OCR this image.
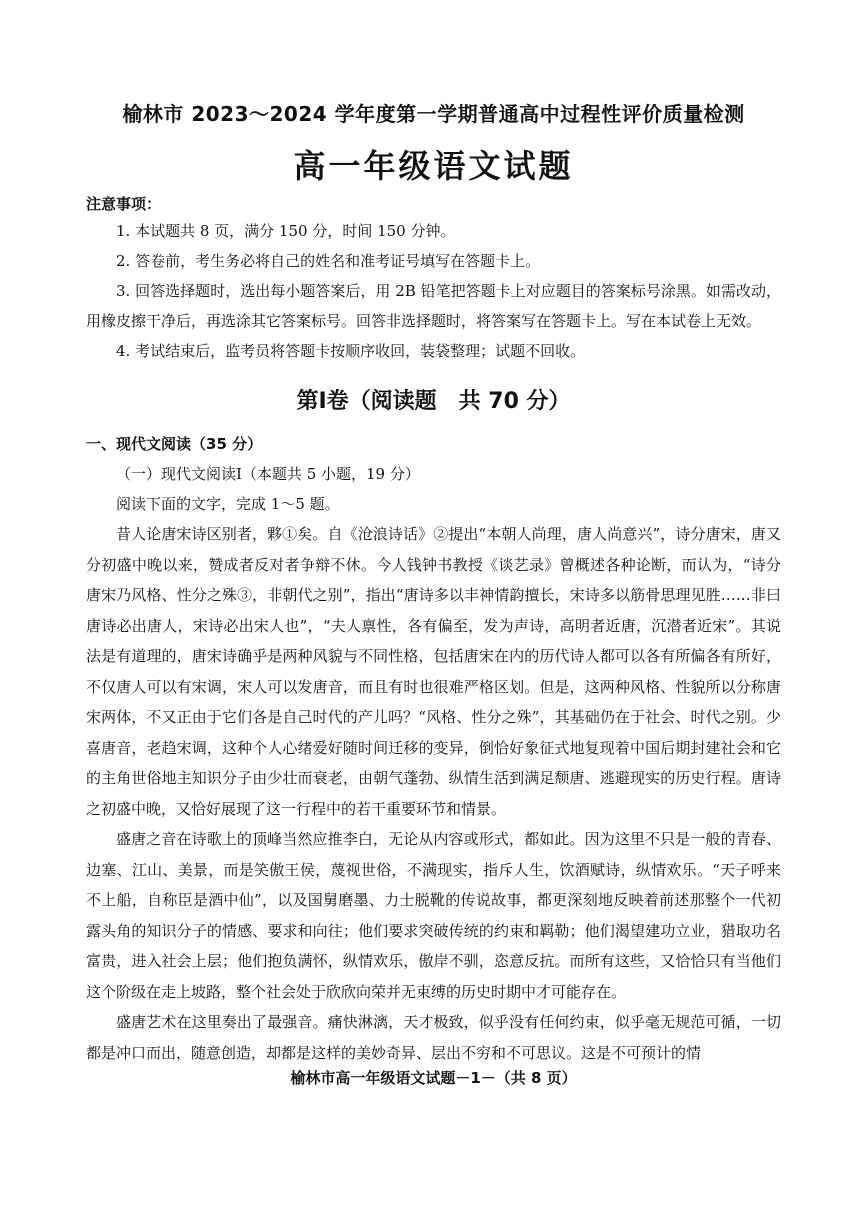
榆林市 2023～2024 学年度第一学期普通高中过程性评价质量检测
高一年级语文试题

注意事项：

1. 本试题共 8 页，满分 150 分，时间 150 分钟。

2. 答卷前，考生务必将自己的姓名和准考证号填写在答题卡上。

3. 回答选择题时，选出每小题答案后，用 2B 铅笔把答题卡上对应题目的答案标号涂黑。如需改动，用橡皮擦干净后，再选涂其它答案标号。回答非选择题时，将答案写在答题卡上。写在本试卷上无效。

4. 考试结束后，监考员将答题卡按顺序收回，装袋整理；试题不回收。

第Ⅰ卷（阅读题　共 70 分）

一、现代文阅读（35 分）

（一）现代文阅读Ⅰ（本题共 5 小题，19 分）

阅读下面的文字，完成 1～5 题。

昔人论唐宋诗区别者，夥①矣。自《沧浪诗话》②提出“本朝人尚理，唐人尚意兴”，诗分唐宋，唐又分初盛中晚以来，赞成者反对者争辩不休。今人钱钟书教授《谈艺录》曾概述各种论断，而认为，“诗分唐宋乃风格、性分之殊③，非朝代之别”，指出“唐诗多以丰神情韵擅长，宋诗多以筋骨思理见胜……非曰唐诗必出唐人，宋诗必出宋人也”，“夫人禀性，各有偏至，发为声诗，高明者近唐，沉潜者近宋”。其说法是有道理的，唐宋诗确乎是两种风貌与不同性格，包括唐宋在内的历代诗人都可以各有所偏各有所好，不仅唐人可以有宋调，宋人可以发唐音，而且有时也很难严格区划。但是，这两种风格、性貌所以分称唐宋两体，不又正由于它们各是自己时代的产儿吗？“风格、性分之殊”，其基础仍在于社会、时代之别。少喜唐音，老趋宋调，这种个人心绪爱好随时间迁移的变异，倒恰好象征式地复现着中国后期封建社会和它的主角世俗地主知识分子由少壮而衰老，由朝气蓬勃、纵情生活到满足颓唐、逃避现实的历史行程。唐诗之初盛中晚，又恰好展现了这一行程中的若干重要环节和情景。

盛唐之音在诗歌上的顶峰当然应推李白，无论从内容或形式，都如此。因为这里不只是一般的青春、边塞、江山、美景，而是笑傲王侯，蔑视世俗，不满现实，指斥人生，饮酒赋诗，纵情欢乐。“天子呼来不上船，自称臣是酒中仙”，以及国舅磨墨、力士脱靴的传说故事，都更深刻地反映着前述那整个一代初露头角的知识分子的情感、要求和向往；他们要求突破传统的约束和羁勒；他们渴望建功立业，猎取功名富贵，进入社会上层；他们抱负满怀，纵情欢乐，傲岸不驯，恣意反抗。而所有这些，又恰恰只有当他们这个阶级在走上坡路，整个社会处于欣欣向荣并无束缚的历史时期中才可能存在。

盛唐艺术在这里奏出了最强音。痛快淋漓，天才极致，似乎没有任何约束，似乎毫无规范可循，一切都是冲口而出，随意创造，却都是这样的美妙奇异、层出不穷和不可思议。这是不可预计的情

榆林市高一年级语文试题－1－（共 8 页）
